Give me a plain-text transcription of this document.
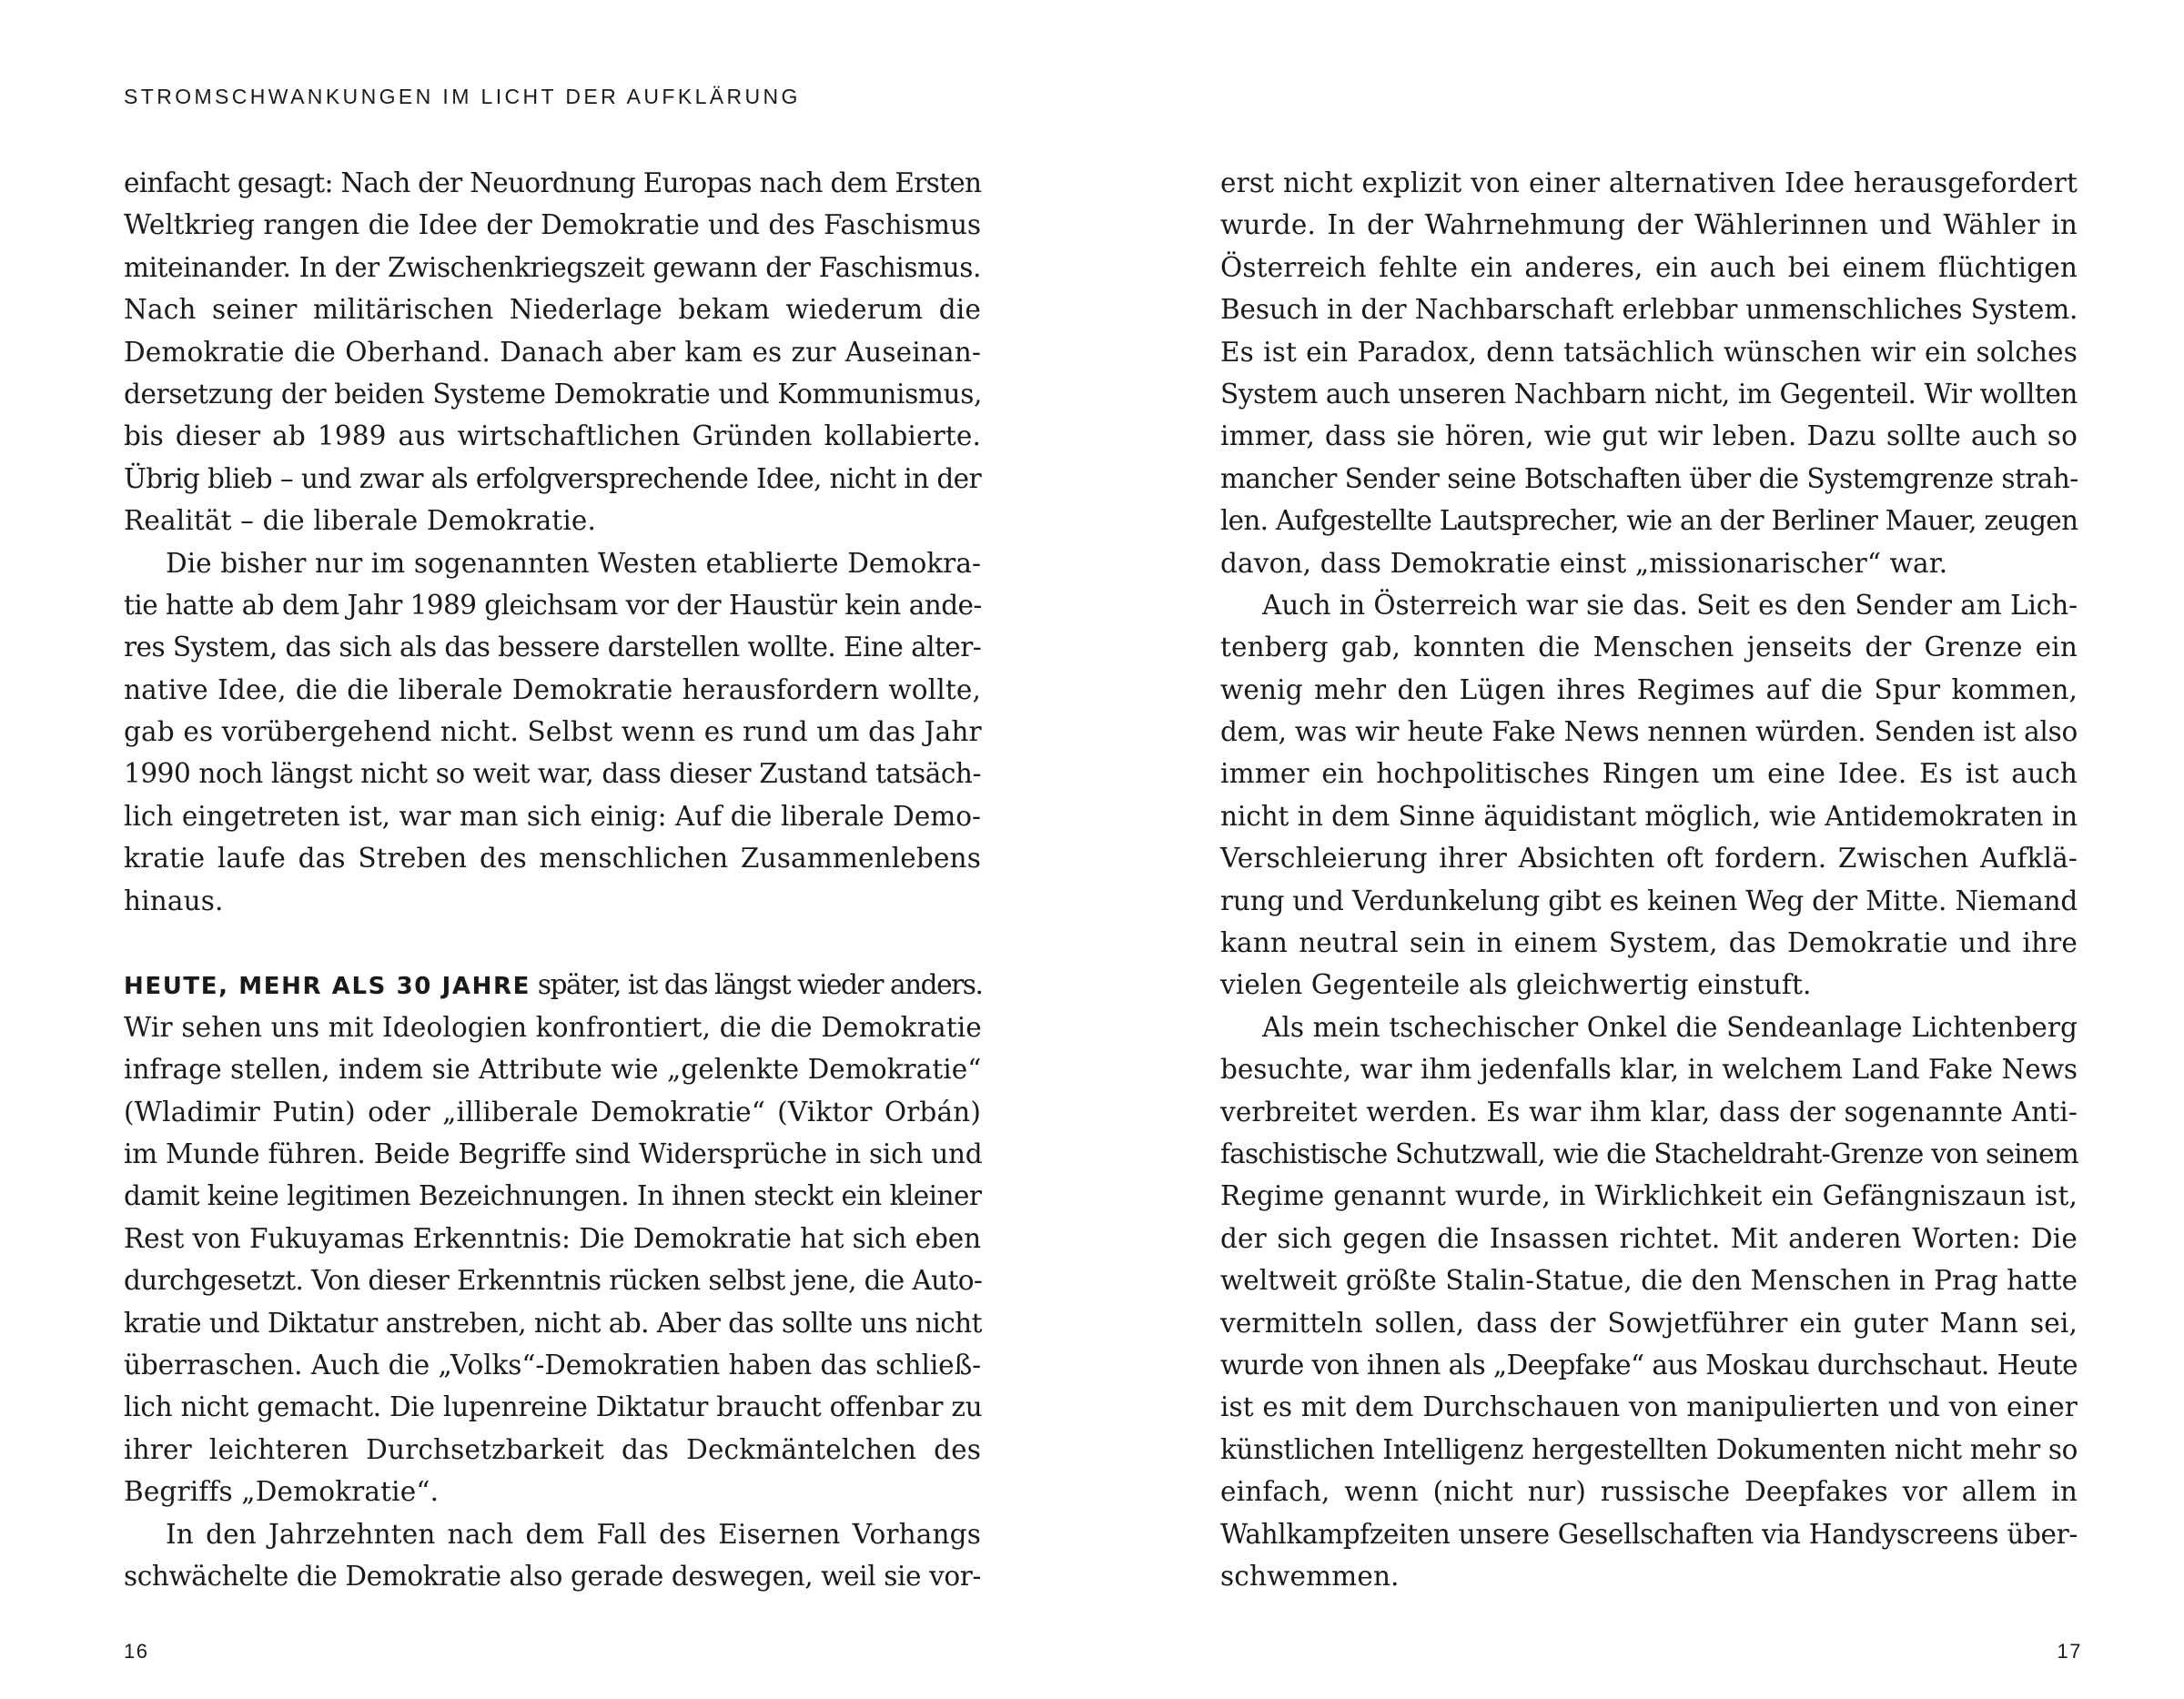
STROMSCHWANKUNGEN IM LICHT DER AUFKLÄRUNG
einfacht gesagt: Nach der Neuordnung Europas nach dem Ersten
Weltkrieg rangen die Idee der Demokratie und des Faschismus
miteinander. In der Zwischenkriegszeit gewann der Faschismus.
Nach seiner militärischen Niederlage bekam wiederum die
Demokratie die Oberhand. Danach aber kam es zur Auseinan-
dersetzung der beiden Systeme Demokratie und Kommunismus,
bis dieser ab 1989 aus wirtschaftlichen Gründen kollabierte.
Übrig blieb – und zwar als erfolgversprechende Idee, nicht in der
Realität – die liberale Demokratie.
Die bisher nur im sogenannten Westen etablierte Demokra-
tie hatte ab dem Jahr 1989 gleichsam vor der Haustür kein ande-
res System, das sich als das bessere darstellen wollte. Eine alter-
native Idee, die die liberale Demokratie herausfordern wollte,
gab es vorübergehend nicht. Selbst wenn es rund um das Jahr
1990 noch längst nicht so weit war, dass dieser Zustand tatsäch-
lich eingetreten ist, war man sich einig: Auf die liberale Demo-
kratie laufe das Streben des menschlichen Zusammenlebens
hinaus.
HEUTE, MEHR ALS 30 JAHRE später, ist das längst wieder anders.
Wir sehen uns mit Ideologien konfrontiert, die die Demokratie
infrage stellen, indem sie Attribute wie „gelenkte Demokratie“
(Wladimir Putin) oder „illiberale Demokratie“ (Viktor Orbán)
im Munde führen. Beide Begriffe sind Widersprüche in sich und
damit keine legitimen Bezeichnungen. In ihnen steckt ein kleiner
Rest von Fukuyamas Erkenntnis: Die Demokratie hat sich eben
durchgesetzt. Von dieser Erkenntnis rücken selbst jene, die Auto-
kratie und Diktatur anstreben, nicht ab. Aber das sollte uns nicht
überraschen. Auch die „Volks“-Demokratien haben das schließ-
lich nicht gemacht. Die lupenreine Diktatur braucht offenbar zu
ihrer leichteren Durchsetzbarkeit das Deckmäntelchen des
Begriffs „Demokratie“.
In den Jahrzehnten nach dem Fall des Eisernen Vorhangs
schwächelte die Demokratie also gerade deswegen, weil sie vor-
16
erst nicht explizit von einer alternativen Idee herausgefordert
wurde. In der Wahrnehmung der Wählerinnen und Wähler in
Österreich fehlte ein anderes, ein auch bei einem flüchtigen
Besuch in der Nachbarschaft erlebbar unmenschliches System.
Es ist ein Paradox, denn tatsächlich wünschen wir ein solches
System auch unseren Nachbarn nicht, im Gegenteil. Wir wollten
immer, dass sie hören, wie gut wir leben. Dazu sollte auch so
mancher Sender seine Botschaften über die Systemgrenze strah-
len. Aufgestellte Lautsprecher, wie an der Berliner Mauer, zeugen
davon, dass Demokratie einst „missionarischer“ war.
Auch in Österreich war sie das. Seit es den Sender am Lich-
tenberg gab, konnten die Menschen jenseits der Grenze ein
wenig mehr den Lügen ihres Regimes auf die Spur kommen,
dem, was wir heute Fake News nennen würden. Senden ist also
immer ein hochpolitisches Ringen um eine Idee. Es ist auch
nicht in dem Sinne äquidistant möglich, wie Antidemokraten in
Verschleierung ihrer Absichten oft fordern. Zwischen Aufklä-
rung und Verdunkelung gibt es keinen Weg der Mitte. Niemand
kann neutral sein in einem System, das Demokratie und ihre
vielen Gegenteile als gleichwertig einstuft.
Als mein tschechischer Onkel die Sendeanlage Lichtenberg
besuchte, war ihm jedenfalls klar, in welchem Land Fake News
verbreitet werden. Es war ihm klar, dass der sogenannte Anti-
faschistische Schutzwall, wie die Stacheldraht-Grenze von seinem
Regime genannt wurde, in Wirklichkeit ein Gefängniszaun ist,
der sich gegen die Insassen richtet. Mit anderen Worten: Die
weltweit größte Stalin-Statue, die den Menschen in Prag hatte
vermitteln sollen, dass der Sowjetführer ein guter Mann sei,
wurde von ihnen als „Deepfake“ aus Moskau durchschaut. Heute
ist es mit dem Durchschauen von manipulierten und von einer
künstlichen Intelligenz hergestellten Dokumenten nicht mehr so
einfach, wenn (nicht nur) russische Deepfakes vor allem in
Wahlkampfzeiten unsere Gesellschaften via Handyscreens über-
schwemmen.
17
